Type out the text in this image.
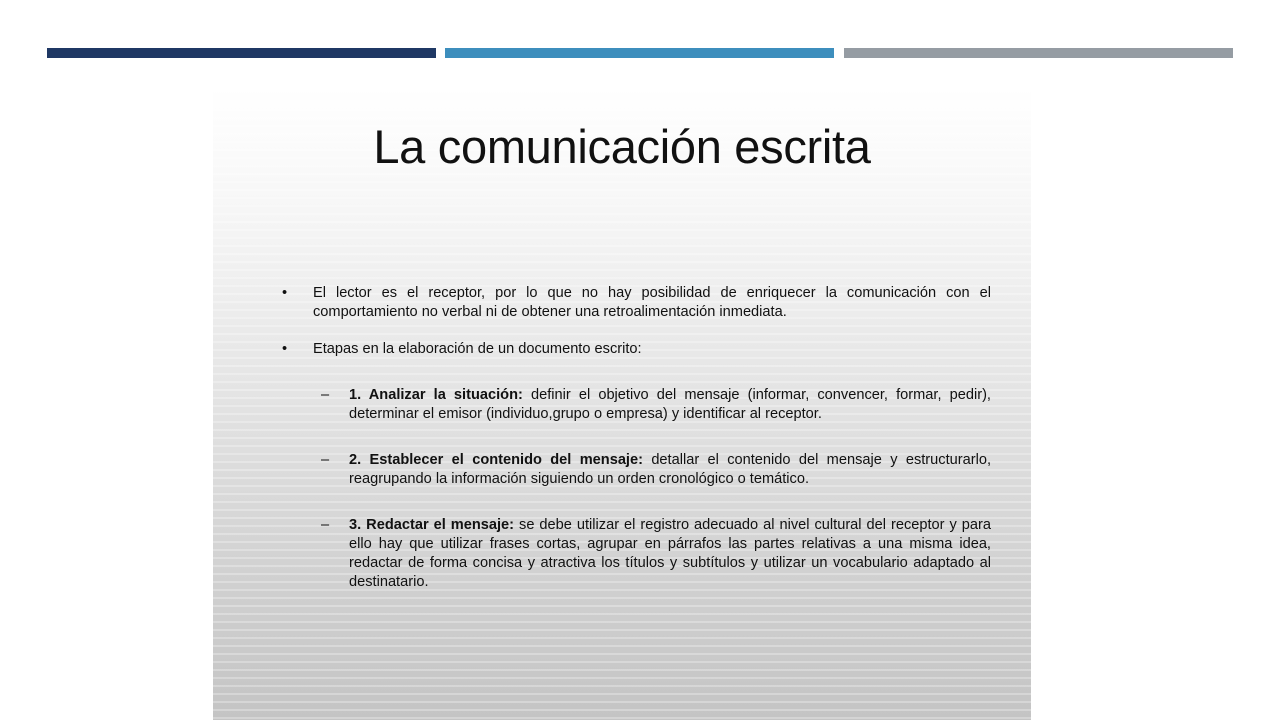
La comunicación escrita
• El lector es el receptor, por lo que no hay posibilidad de enriquecer la comunicación con el comportamiento no verbal ni de obtener una retroalimentación inmediata.
• Etapas en la elaboración de un documento escrito:
– 1. Analizar la situación: definir el objetivo del mensaje (informar, convencer, formar, pedir), determinar el emisor (individuo,grupo o empresa) y identificar al receptor.
– 2. Establecer el contenido del mensaje: detallar el contenido del mensaje y estructurarlo, reagrupando la información siguiendo un orden cronológico o temático.
– 3. Redactar el mensaje: se debe utilizar el registro adecuado al nivel cultural del receptor y para ello hay que utilizar frases cortas, agrupar en párrafos las partes relativas a una misma idea, redactar de forma concisa y atractiva los títulos y subtítulos y utilizar un vocabulario adaptado al destinatario.
